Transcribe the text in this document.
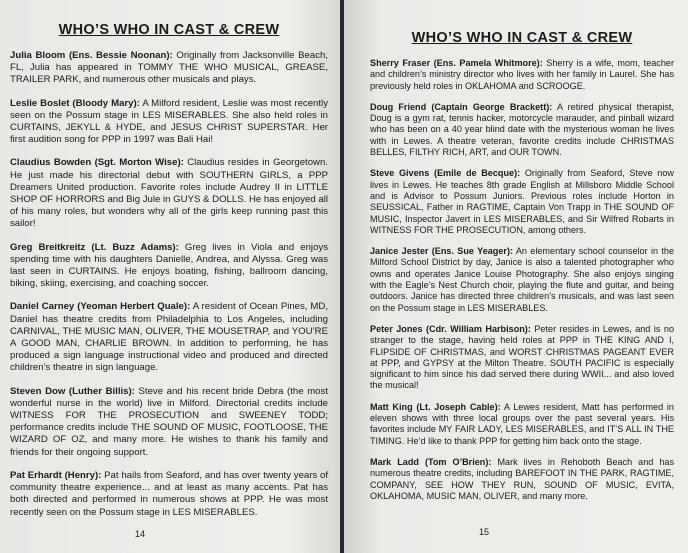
WHO’S WHO IN CAST & CREW

Julia Bloom (Ens. Bessie Noonan): Originally from Jacksonville Beach, FL, Julia has appeared in TOMMY THE WHO MUSICAL, GREASE, TRAILER PARK, and numerous other musicals and plays.

Leslie Boslet (Bloody Mary): A Milford resident, Leslie was most recently seen on the Possum stage in LES MISERABLES. She also held roles in CURTAINS, JEKYLL & HYDE, and JESUS CHRIST SUPERSTAR. Her first audition song for PPP in 1997 was Bali Hai!

Claudius Bowden (Sgt. Morton Wise): Claudius resides in Georgetown. He just made his directorial debut with SOUTHERN GIRLS, a PPP Dreamers United production. Favorite roles include Audrey II in LITTLE SHOP OF HORRORS and Big Jule in GUYS & DOLLS. He has enjoyed all of his many roles, but wonders why all of the girls keep running past this sailor!

Greg Breitkreitz (Lt. Buzz Adams): Greg lives in Viola and enjoys spending time with his daughters Danielle, Andrea, and Alyssa. Greg was last seen in CURTAINS. He enjoys boating, fishing, ballroom dancing, biking, skiing, exercising, and coaching soccer.

Daniel Carney (Yeoman Herbert Quale): A resident of Ocean Pines, MD, Daniel has theatre credits from Philadelphia to Los Angeles, including CARNIVAL, THE MUSIC MAN, OLIVER, THE MOUSETRAP, and YOU’RE A GOOD MAN, CHARLIE BROWN. In addition to performing, he has produced a sign language instructional video and produced and directed children’s theatre in sign language.

Steven Dow (Luther Billis): Steve and his recent bride Debra (the most wonderful nurse in the world) live in Milford. Directorial credits include WITNESS FOR THE PROSECUTION and SWEENEY TODD; performance credits include THE SOUND OF MUSIC, FOOTLOOSE, THE WIZARD OF OZ, and many more. He wishes to thank his family and friends for their ongoing support.

Pat Erhardt (Henry): Pat hails from Seaford, and has over twenty years of community theatre experience... and at least as many accents. Pat has both directed and performed in numerous shows at PPP. He was most recently seen on the Possum stage in LES MISERABLES.

14
WHO’S WHO IN CAST & CREW

Sherry Fraser (Ens. Pamela Whitmore): Sherry is a wife, mom, teacher and children’s ministry director who lives with her family in Laurel. She has previously held roles in OKLAHOMA and SCROOGE.

Doug Friend (Captain George Brackett): A retired physical therapist, Doug is a gym rat, tennis hacker, motorcycle marauder, and pinball wizard who has been on a 40 year blind date with the mysterious woman he lives with in Lewes. A theatre veteran, favorite credits include CHRISTMAS BELLES, FILTHY RICH, ART, and OUR TOWN.

Steve Givens (Emile de Becque): Originally from Seaford, Steve now lives in Lewes. He teaches 8th grade English at Millsboro Middle School and is Advisor to Possum Juniors. Previous roles include Horton in SEUSSICAL, Father in RAGTIME, Captain Von Trapp in THE SOUND OF MUSIC, Inspector Javert in LES MISERABLES, and Sir Wilfred Robarts in WITNESS FOR THE PROSECUTION, among others.

Janice Jester (Ens. Sue Yeager): An elementary school counselor in the Milford School District by day, Janice is also a talented photographer who owns and operates Janice Louise Photography. She also enjoys singing with the Eagle’s Nest Church choir, playing the flute and guitar, and being outdoors. Janice has directed three children’s musicals, and was last seen on the Possum stage in LES MISERABLES.

Peter Jones (Cdr. William Harbison): Peter resides in Lewes, and is no stranger to the stage, having held roles at PPP in THE KING AND I, FLIPSIDE OF CHRISTMAS, and WORST CHRISTMAS PAGEANT EVER at PPP, and GYPSY at the Milton Theatre. SOUTH PACIFIC is especially significant to him since his dad served there during WWII... and also loved the musical!

Matt King (Lt. Joseph Cable): A Lewes resident, Matt has performed in eleven shows with three local groups over the past several years. His favorites include MY FAIR LADY, LES MISERABLES, and IT’S ALL IN THE TIMING. He’d like to thank PPP for getting him back onto the stage.

Mark Ladd (Tom O’Brien): Mark lives in Rehoboth Beach and has numerous theatre credits, including BAREFOOT IN THE PARK, RAGTIME, COMPANY, SEE HOW THEY RUN, SOUND OF MUSIC, EVITA, OKLAHOMA, MUSIC MAN, OLIVER, and many more.

15
